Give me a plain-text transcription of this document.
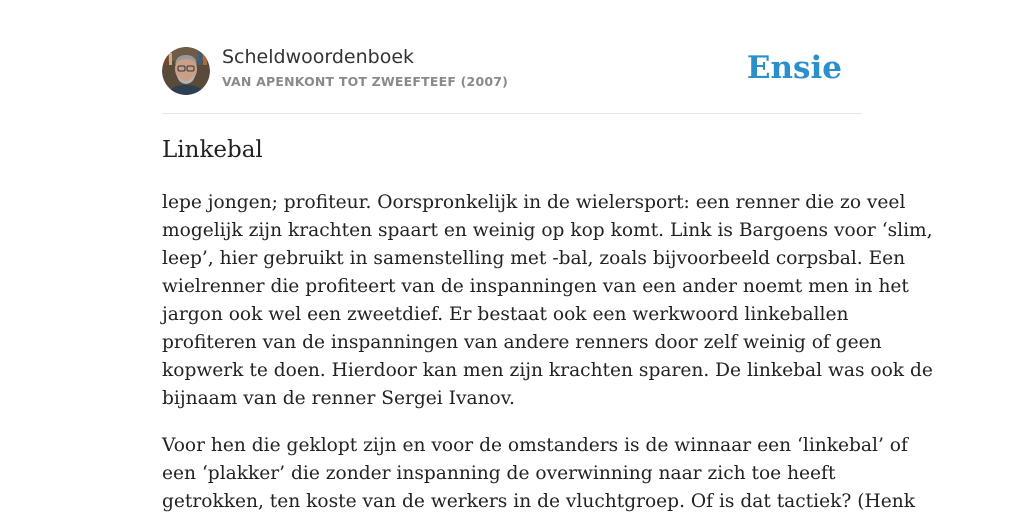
Scheldwoordenboek
VAN APENKONT TOT ZWEEFTEEF (2007)	Ensie
Linkebal

lepe jongen; profiteur. Oorspronkelijk in de wielersport: een renner die zo veel
mogelijk zijn krachten spaart en weinig op kop komt. Link is Bargoens voor ‘slim,
leep’, hier gebruikt in samenstelling met -bal, zoals bijvoorbeeld corpsbal. Een
wielrenner die profiteert van de inspanningen van een ander noemt men in het
jargon ook wel een zweetdief. Er bestaat ook een werkwoord linkeballen
profiteren van de inspanningen van andere renners door zelf weinig of geen
kopwerk te doen. Hierdoor kan men zijn krachten sparen. De linkebal was ook de
bijnaam van de renner Sergei Ivanov.

Voor hen die geklopt zijn en voor de omstanders is de winnaar een ‘linkebal’ of
een ‘plakker’ die zonder inspanning de overwinning naar zich toe heeft
getrokken, ten koste van de werkers in de vluchtgroep. Of is dat tactiek? (Henk
